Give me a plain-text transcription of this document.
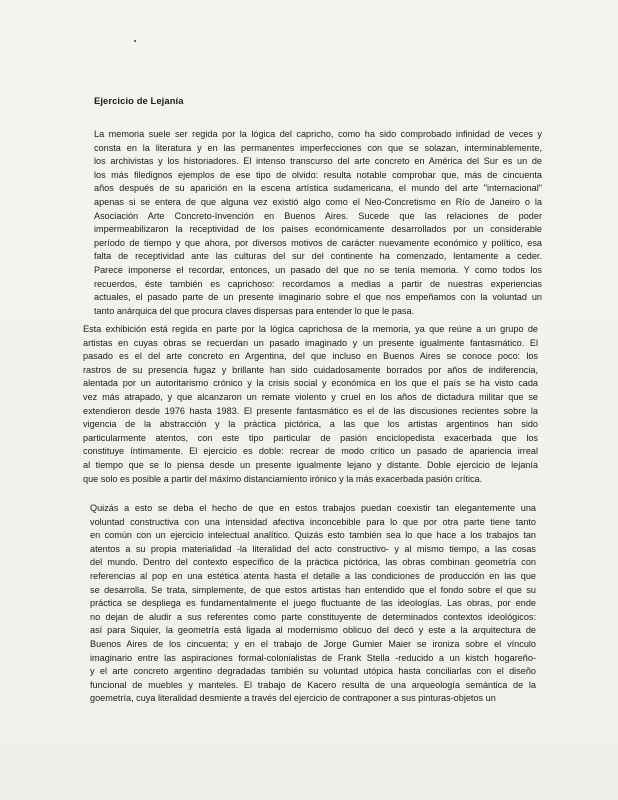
Ejercicio de Lejanía
La memoria suele ser regida por la lógica del capricho, como ha sido comprobado infinidad de veces y
consta en la literatura y en las permanentes imperfecciones con que se solazan, interminablemente,
los archivistas y los historiadores. El intenso transcurso del arte concreto en América del Sur es un de
los más filedignos ejemplos de ese tipo de olvido: resulta notable comprobar que, más de cincuenta
años después de su aparición en la escena artística sudamericana, el mundo del arte "internacional"
apenas si se entera de que alguna vez existió algo como el Neo-Concretismo en Río de Janeiro o la
Asociación Arte Concreto-Invención en Buenos Aires. Sucede que las relaciones de poder
impermeabilizaron la receptividad de los países económicamente desarrollados por un considerable
período de tiempo y que ahora, por diversos motivos de carácter nuevamente económico y político, esa
falta de receptividad ante las culturas del sur del continente ha comenzado, lentamente a ceder.
Parece imponerse el recordar, entonces, un pasado del que no se tenía memoria. Y como todos los
recuerdos, éste también es caprichoso: recordamos a medias a partir de nuestras experiencias
actuales, el pasado parte de un presente imaginario sobre el que nos empeñamos con la voluntad un
tanto anárquica del que procura claves dispersas para entender lo que le pasa.
Esta exhibición está regida en parte por la lógica caprichosa de la memoria, ya que reúne a un grupo de
artistas en cuyas obras se recuerdan un pasado imaginado y un presente igualmente fantasmático. El
pasado es el del arte concreto en Argentina, del que incluso en Buenos Aires se conoce poco: los
rastros de su presencia fugaz y brillante han sido cuidadosamente borrados por años de indiferencia,
alentada por un autoritarismo crónico y la crisis social y económica en los que el país se ha visto cada
vez más atrapado, y que alcanzaron un remate violento y cruel en los años de dictadura militar que se
extendieron desde 1976 hasta 1983. El presente fantasmático es el de las discusiones recientes sobre la
vigencia de la abstracción y la práctica pictórica, a las que los artistas argentinos han sido
particularmente atentos, con este tipo particular de pasión enciclopedista exacerbada que los
constituye íntimamente. El ejercicio es doble: recrear de modo crítico un pasado de apariencia irreal
al tiempo que se lo piensa desde un presente igualmente lejano y distante. Doble ejercicio de lejanía
que solo es posible a partir del máximo distanciamiento irónico y la más exacerbada pasión crítica.
Quizás a esto se deba el hecho de que en estos trabajos puedan coexistir tan elegantemente una
voluntad constructiva con una intensidad afectiva inconcebible para lo que por otra parte tiene tanto
en común con un ejercicio intelectual analítico. Quizás esto también sea lo que hace a los trabajos tan
atentos a su propia materialidad -la literalidad del acto constructivo- y al mismo tiempo, a las cosas
del mundo. Dentro del contexto específico de la práctica pictórica, las obras combinan geometría con
referencias al pop en una estética atenta hasta el detalle a las condiciones de producción en las que
se desarrolla. Se trata, simplemente, de que estos artistas han entendido que el fondo sobre el que su
práctica se despliega es fundamentalmente el juego fluctuante de las ideologías. Las obras, por ende
no dejan de aludir a sus referentes como parte constituyente de determinados contextos ideológicos:
así para Siquier, la geometría está ligada al modernismo oblicuo del decó y este a la arquitectura de
Buenos Aires de los cincuenta; y en el trabajo de Jorge Gumier Maier se ironiza sobre el vínculo
imaginario entre las aspiraciones formal-colonialistas de Frank Stella -reducido a un kistch hogareño-
y el arte concreto argentino degradadas también su voluntad utópica hasta conciliarlas con el diseño
funcional de muebles y manteles. El trabajo de Kacero resulta de una arqueología semántica de la
goemetría, cuya literalidad desmiente a través del ejercicio de contraponer a sus pinturas-objetos un
